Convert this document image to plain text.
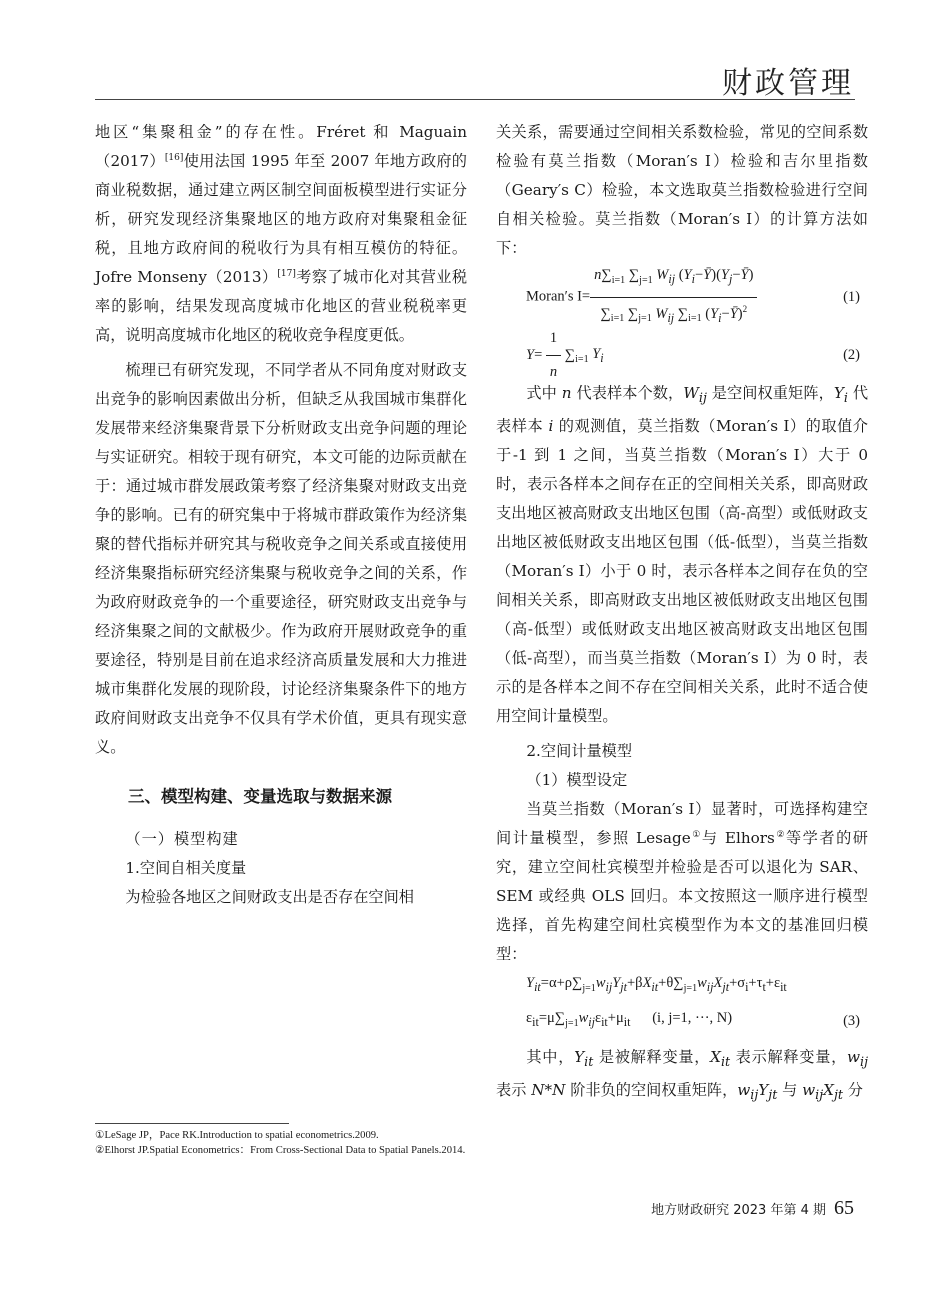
财政管理

地区“集聚租金”的存在性。Fréret 和 Maguain（2017）[16]使用法国 1995 年至 2007 年地方政府的商业税数据，通过建立两区制空间面板模型进行实证分析，研究发现经济集聚地区的地方政府对集聚租金征税，且地方政府间的税收行为具有相互模仿的特征。Jofre Monseny（2013）[17]考察了城市化对其营业税率的影响，结果发现高度城市化地区的营业税税率更高，说明高度城市化地区的税收竞争程度更低。

梳理已有研究发现，不同学者从不同角度对财政支出竞争的影响因素做出分析，但缺乏从我国城市集群化发展带来经济集聚背景下分析财政支出竞争问题的理论与实证研究。相较于现有研究，本文可能的边际贡献在于：通过城市群发展政策考察了经济集聚对财政支出竞争的影响。已有的研究集中于将城市群政策作为经济集聚的替代指标并研究其与税收竞争之间关系或直接使用经济集聚指标研究经济集聚与税收竞争之间的关系，作为政府财政竞争的一个重要途径，研究财政支出竞争与经济集聚之间的文献极少。作为政府开展财政竞争的重要途径，特别是目前在追求经济高质量发展和大力推进城市集群化发展的现阶段，讨论经济集聚条件下的地方政府间财政支出竞争不仅具有学术价值，更具有现实意义。

三、模型构建、变量选取与数据来源

（一）模型构建

1.空间自相关度量

为检验各地区之间财政支出是否存在空间相

关关系，需要通过空间相关系数检验，常见的空间系数检验有莫兰指数（Moran′s I）检验和吉尔里指数（Geary′s C）检验，本文选取莫兰指数检验进行空间自相关检验。莫兰指数（Moran′s I）的计算方法如下：

Moran′s $I= \frac{n\sum_{i=1} \sum_{j=1} W_{ij} (Y_i-Ȳ)(Y_j-Ȳ)}{\sum_{i=1} \sum_{j=1} W_{ij} \sum_{i=1} (Y_i-Ȳ)^2}$	(1)
$Y= \frac{1}{n} \sum_{i=1}$ $Y_i$	(2)

式中 n 代表样本个数，$W_{ij}$ 是空间权重矩阵，$Y_i$ 代表样本 i 的观测值，莫兰指数（Moran′s I）的取值介于-1 到 1 之间，当莫兰指数（Moran′s I）大于 0 时，表示各样本之间存在正的空间相关关系，即高财政支出地区被高财政支出地区包围（高-高型）或低财政支出地区被低财政支出地区包围（低-低型），当莫兰指数（Moran′s I）小于 0 时，表示各样本之间存在负的空间相关关系，即高财政支出地区被低财政支出地区包围（高-低型）或低财政支出地区被高财政支出地区包围（低-高型），而当莫兰指数（Moran′s I）为 0 时，表示的是各样本之间不存在空间相关关系，此时不适合使用空间计量模型。

2.空间计量模型

（1）模型设定

当莫兰指数（Moran′s I）显著时，可选择构建空间计量模型，参照 Lesage①与 Elhors②等学者的研究，建立空间杜宾模型并检验是否可以退化为 SAR、SEM 或经典 OLS 回归。本文按照这一顺序进行模型选择，首先构建空间杜宾模型作为本文的基准回归模型：

$Y_{it}=\alpha+\rho\sum_{j=1}w_{ij}Y_{jt}+\beta X_{it}+\theta\sum_{j=1}w_{ij}X_{jt}+\sigma_i+\tau_t+\varepsilon_{it}$
$\varepsilon_{it}=\mu\sum_{j=1}w_{ij}\varepsilon_{it}+\mu_{it}$ (i, j=1, ···, N)	(3)

其中，$Y_{it}$ 是被解释变量，$X_{it}$ 表示解释变量，$w_{ij}$表示 N*N 阶非负的空间权重矩阵，$w_{ij}Y_{jt}$ 与 $w_{ij}X_{jt}$ 分

①LeSage JP，Pace RK.Introduction to spatial econometrics.2009.

②Elhorst JP.Spatial Econometrics：From Cross-Sectional Data to Spatial Panels.2014.

地方财政研究 2023 年第 4 期 65
